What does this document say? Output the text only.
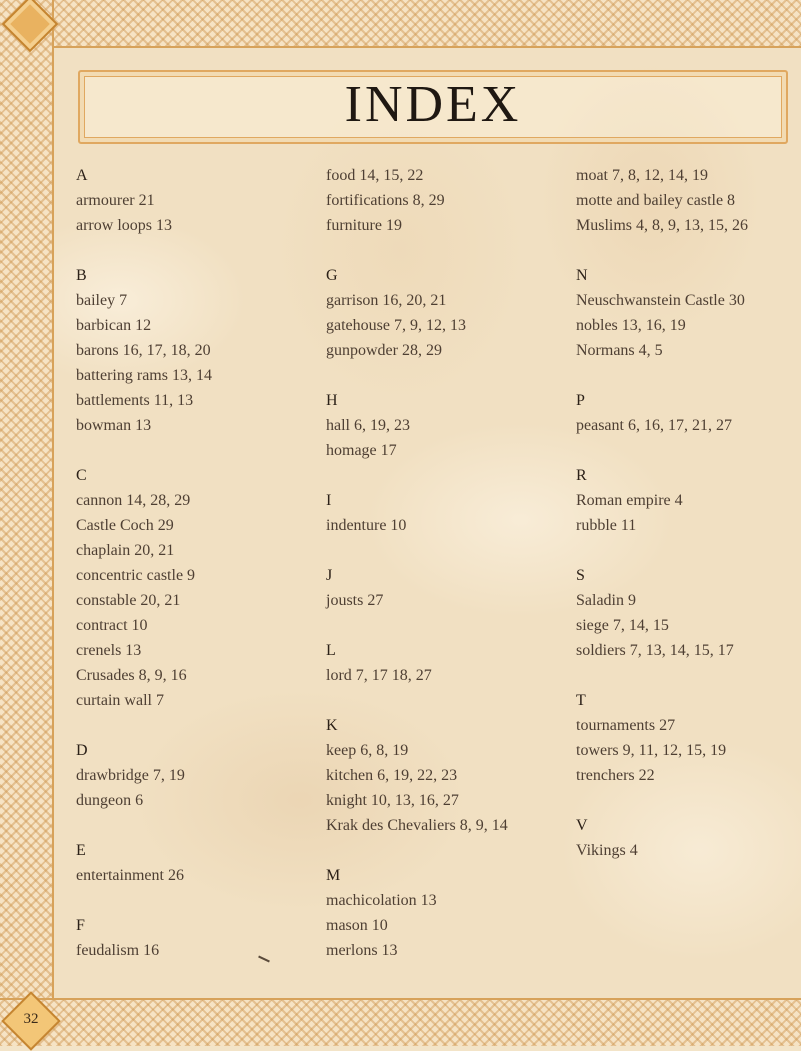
32
INDEX
A
armourer 21
arrow loops 13
B
bailey 7
barbican 12
barons 16, 17, 18, 20
battering rams 13, 14
battlements 11, 13
bowman 13
C
cannon 14, 28, 29
Castle Coch 29
chaplain 20, 21
concentric castle 9
constable 20, 21
contract 10
crenels 13
Crusades 8, 9, 16
curtain wall 7
D
drawbridge 7, 19
dungeon 6
E
entertainment 26
F
feudalism 16
food 14, 15, 22
fortifications 8, 29
furniture 19
G
garrison 16, 20, 21
gatehouse 7, 9, 12, 13
gunpowder 28, 29
H
hall 6, 19, 23
homage 17
I
indenture 10
J
jousts 27
L
lord 7, 17 18, 27
K
keep 6, 8, 19
kitchen 6, 19, 22, 23
knight 10, 13, 16, 27
Krak des Chevaliers 8, 9, 14
M
machicolation 13
mason 10
merlons 13
moat 7, 8, 12, 14, 19
motte and bailey castle 8
Muslims 4, 8, 9, 13, 15, 26
N
Neuschwanstein Castle 30
nobles 13, 16, 19
Normans 4, 5
P
peasant 6, 16, 17, 21, 27
R
Roman empire 4
rubble 11
S
Saladin 9
siege 7, 14, 15
soldiers 7, 13, 14, 15, 17
T
tournaments 27
towers 9, 11, 12, 15, 19
trenchers 22
V
Vikings 4
